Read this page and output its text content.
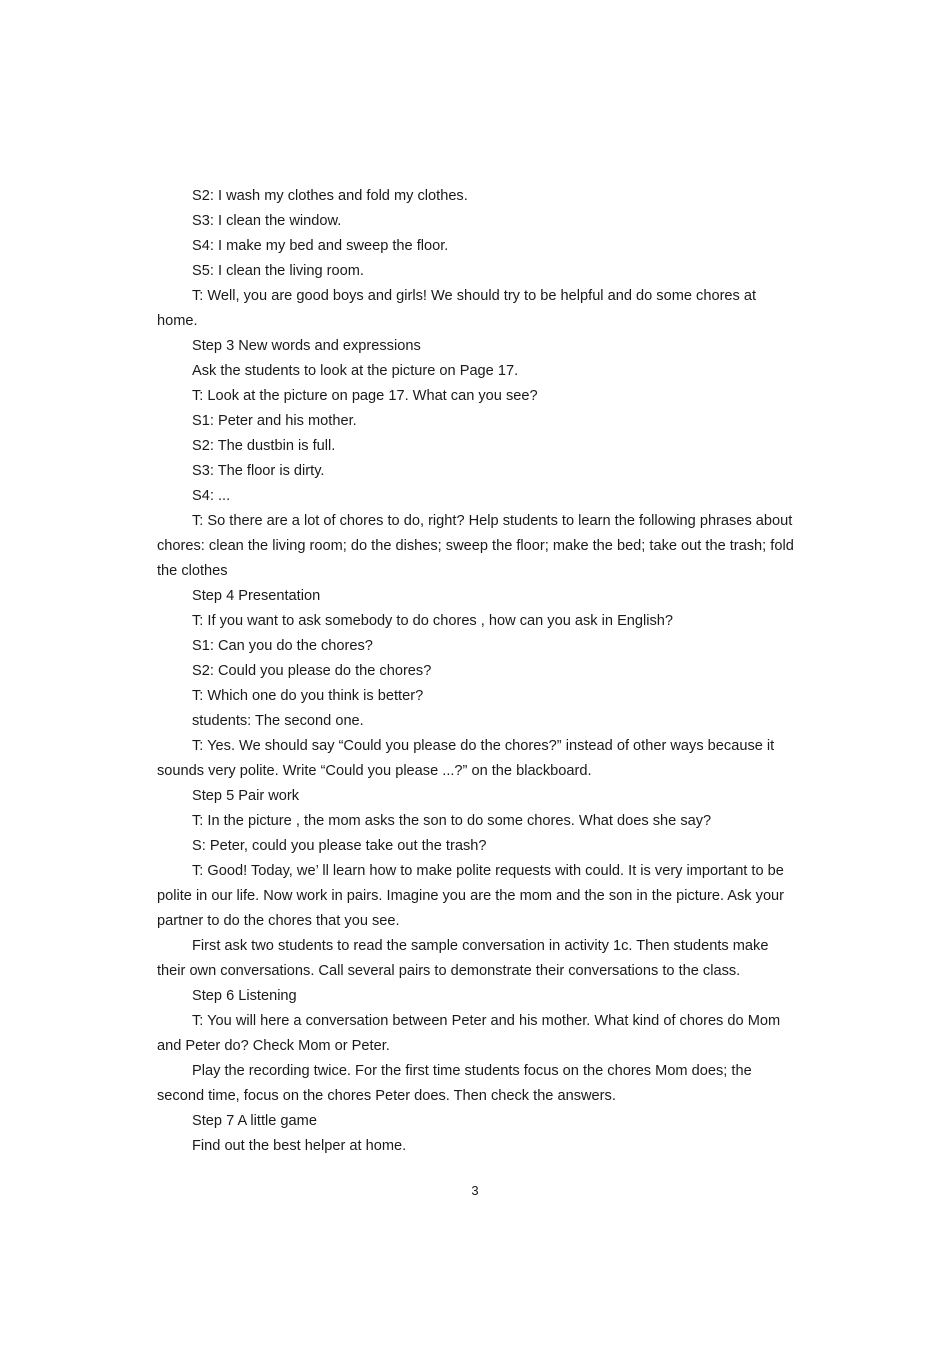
S2: I wash my clothes and fold my clothes.

S3: I clean the window.

S4: I make my bed and sweep the floor.

S5: I clean the living room.

T: Well, you are good boys and girls! We should try to be helpful and do some chores at home.

Step 3 New words and expressions

Ask the students to look at the picture on Page 17.

T: Look at the picture on page 17. What can you see?

S1: Peter and his mother.

S2: The dustbin is full.

S3: The floor is dirty.

S4: ...

T: So there are a lot of chores to do, right? Help students to learn the following phrases about chores: clean the living room; do the dishes; sweep the floor; make the bed; take out the trash; fold the clothes

Step 4 Presentation

T: If you want to ask somebody to do chores , how can you ask in English?

S1: Can you do the chores?

S2: Could you please do the chores?

T: Which one do you think is better?

students: The second one.

T: Yes. We should say “Could you please do the chores?” instead of other ways because it sounds very polite. Write “Could you please ...?” on the blackboard.

Step 5 Pair work

T: In the picture , the mom asks the son to do some chores. What does she say?

S: Peter, could you please take out the trash?

T: Good! Today, we’ ll learn how to make polite requests with could. It is very important to be polite in our life. Now work in pairs. Imagine you are the mom and the son in the picture. Ask your partner to do the chores that you see.

First ask two students to read the sample conversation in activity 1c. Then students make their own conversations. Call several pairs to demonstrate their conversations to the class.

Step 6 Listening

T: You will here a conversation between Peter and his mother. What kind of chores do Mom and Peter do? Check Mom or Peter.

Play the recording twice. For the first time students focus on the chores Mom does; the second time, focus on the chores Peter does. Then check the answers.

Step 7 A little game

Find out the best helper at home.

3
